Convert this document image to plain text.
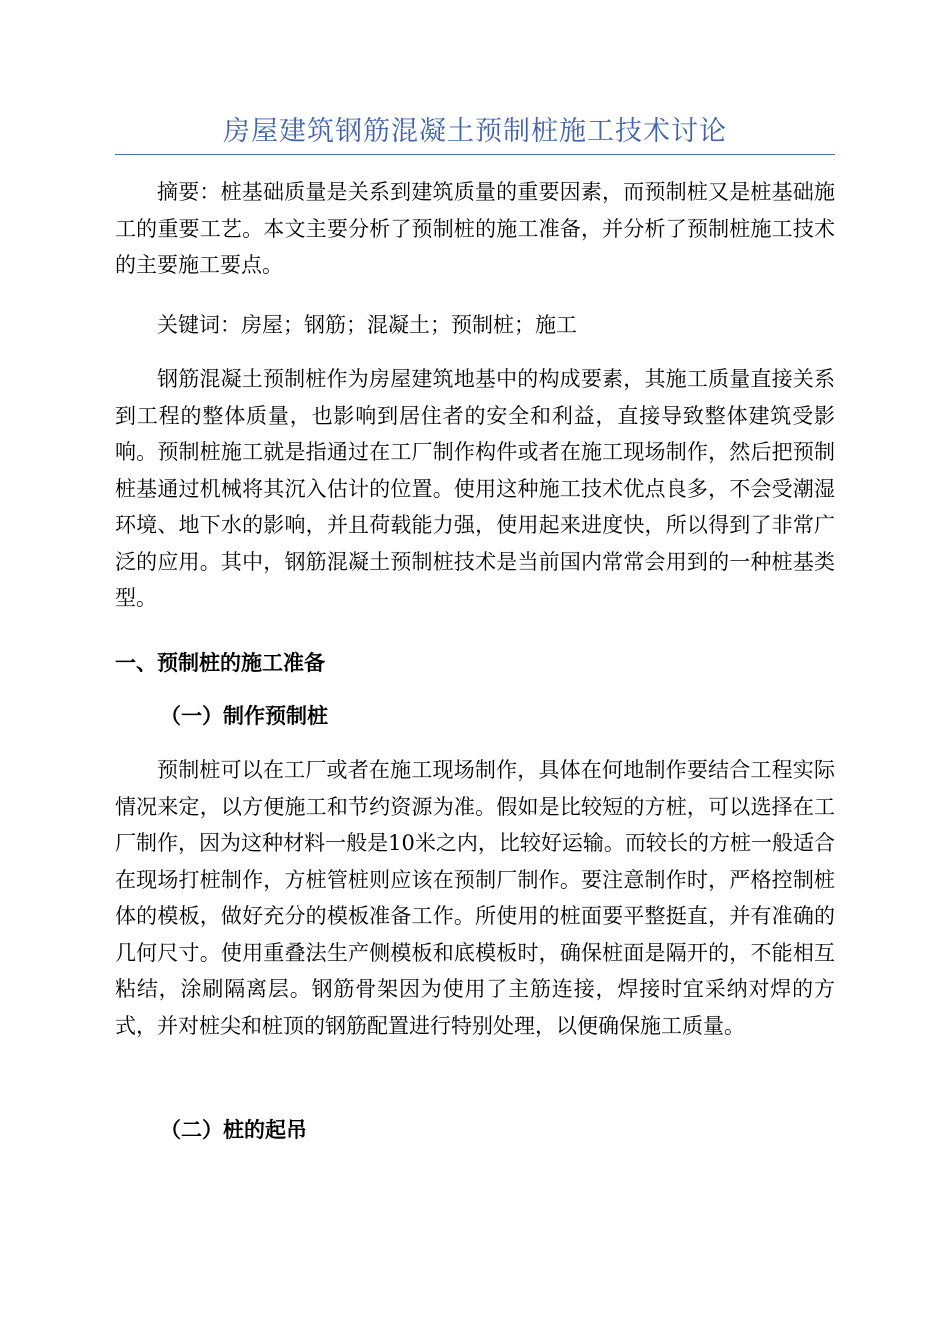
房屋建筑钢筋混凝土预制桩施工技术讨论

摘要：桩基础质量是关系到建筑质量的重要因素，而预制桩又是桩基础施工的重要工艺。本文主要分析了预制桩的施工准备，并分析了预制桩施工技术的主要施工要点。

关键词：房屋；钢筋；混凝土；预制桩；施工

钢筋混凝土预制桩作为房屋建筑地基中的构成要素，其施工质量直接关系到工程的整体质量，也影响到居住者的安全和利益，直接导致整体建筑受影响。预制桩施工就是指通过在工厂制作构件或者在施工现场制作，然后把预制桩基通过机械将其沉入估计的位置。使用这种施工技术优点良多，不会受潮湿环境、地下水的影响，并且荷载能力强，使用起来进度快，所以得到了非常广泛的应用。其中，钢筋混凝土预制桩技术是当前国内常常会用到的一种桩基类型。

一、预制桩的施工准备
（一）制作预制桩

预制桩可以在工厂或者在施工现场制作，具体在何地制作要结合工程实际情况来定，以方便施工和节约资源为准。假如是比较短的方桩，可以选择在工厂制作，因为这种材料一般是10米之内，比较好运输。而较长的方桩一般适合在现场打桩制作，方桩管桩则应该在预制厂制作。要注意制作时，严格控制桩体的模板，做好充分的模板准备工作。所使用的桩面要平整挺直，并有准确的几何尺寸。使用重叠法生产侧模板和底模板时，确保桩面是隔开的，不能相互粘结，涂刷隔离层。钢筋骨架因为使用了主筋连接，焊接时宜采纳对焊的方式，并对桩尖和桩顶的钢筋配置进行特别处理，以便确保施工质量。

（二）桩的起吊
